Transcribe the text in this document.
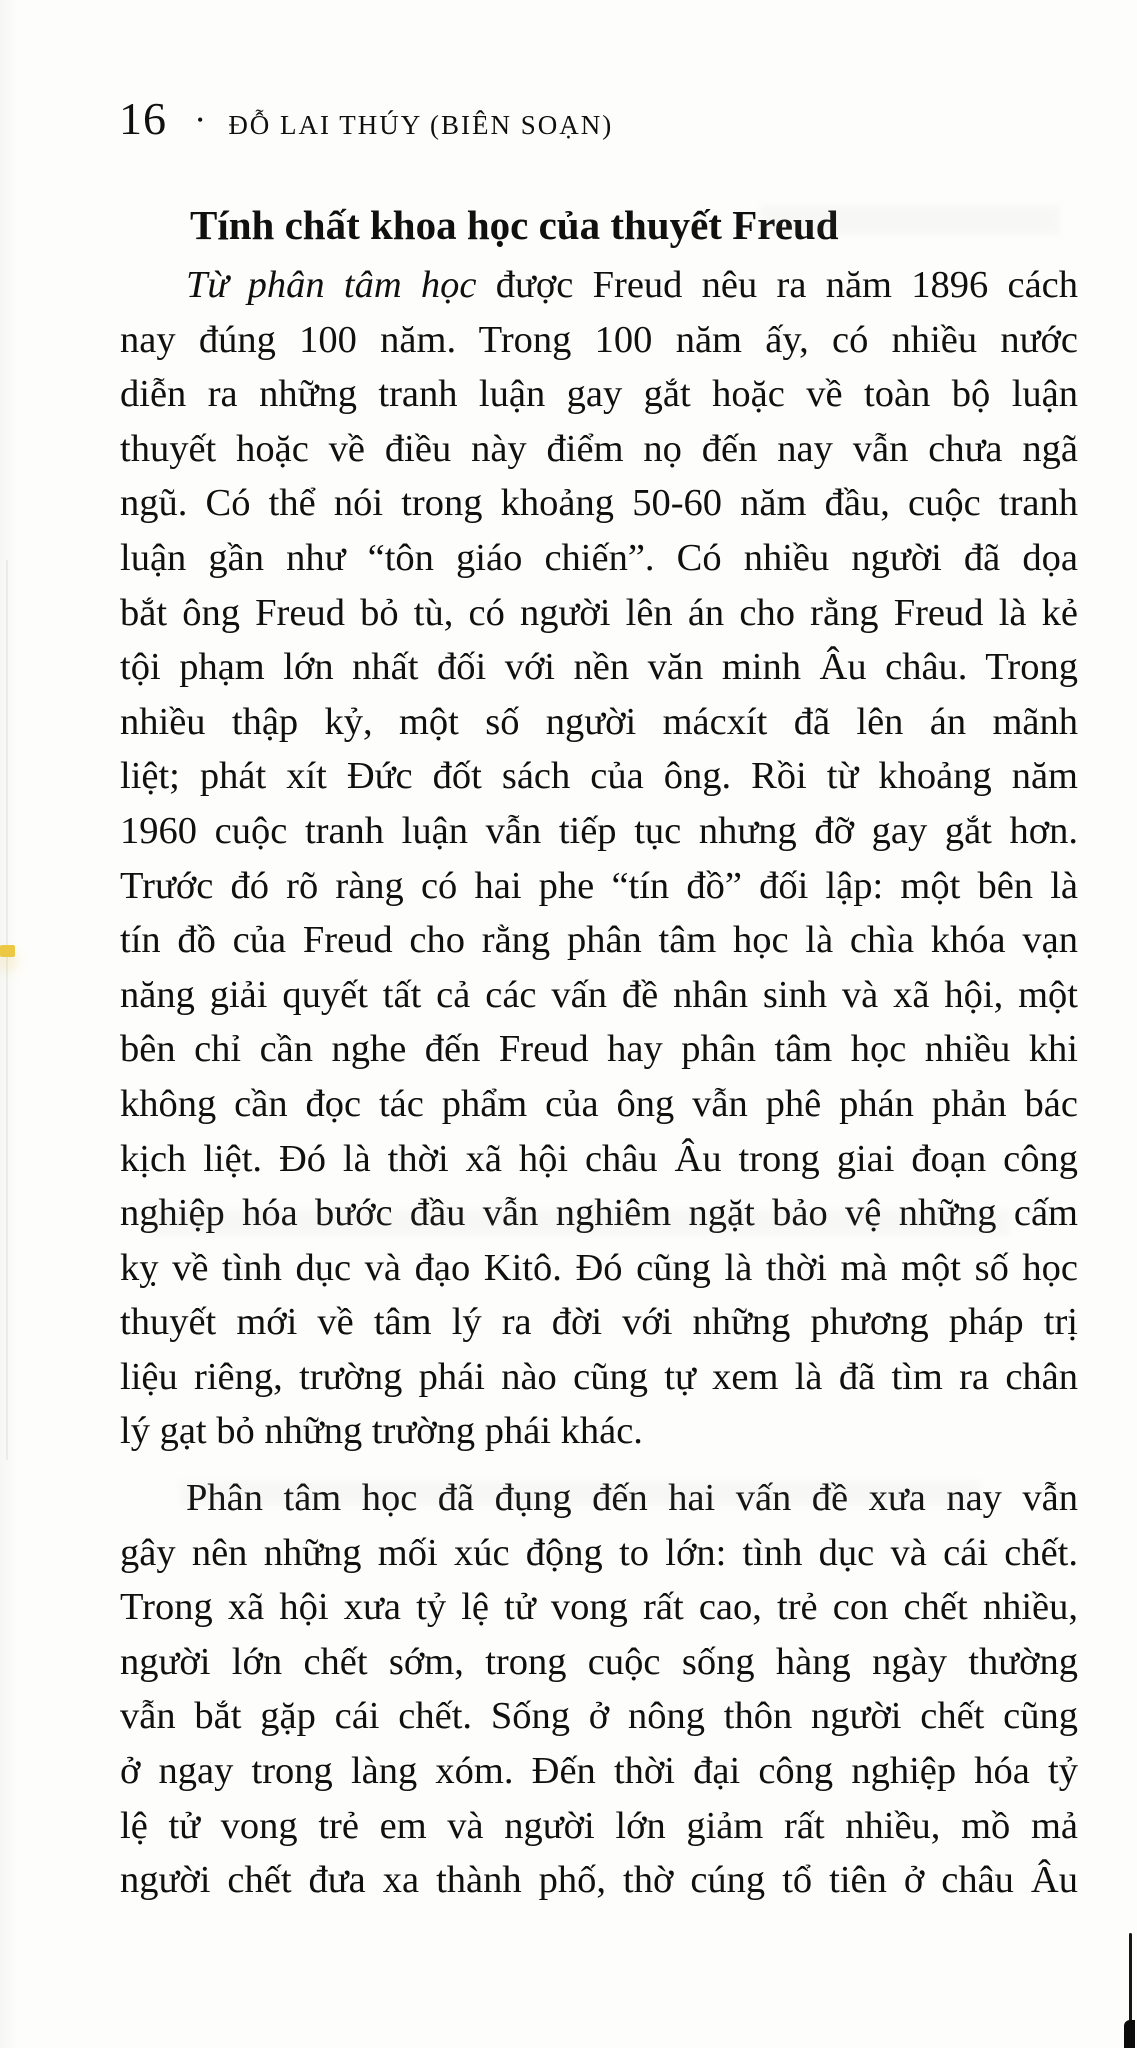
16 • ĐỖ LAI THÚY (BIÊN SOẠN)
Tính chất khoa học của thuyết Freud
Từ phân tâm học được Freud nêu ra năm 1896 cách
nay đúng 100 năm. Trong 100 năm ấy, có nhiều nước
diễn ra những tranh luận gay gắt hoặc về toàn bộ luận
thuyết hoặc về điều này điểm nọ đến nay vẫn chưa ngã
ngũ. Có thể nói trong khoảng 50-60 năm đầu, cuộc tranh
luận gần như “tôn giáo chiến”. Có nhiều người đã dọa
bắt ông Freud bỏ tù, có người lên án cho rằng Freud là kẻ
tội phạm lớn nhất đối với nền văn minh Âu châu. Trong
nhiều thập kỷ, một số người mácxít đã lên án mãnh
liệt; phát xít Đức đốt sách của ông. Rồi từ khoảng năm
1960 cuộc tranh luận vẫn tiếp tục nhưng đỡ gay gắt hơn.
Trước đó rõ ràng có hai phe “tín đồ” đối lập: một bên là
tín đồ của Freud cho rằng phân tâm học là chìa khóa vạn
năng giải quyết tất cả các vấn đề nhân sinh và xã hội, một
bên chỉ cần nghe đến Freud hay phân tâm học nhiều khi
không cần đọc tác phẩm của ông vẫn phê phán phản bác
kịch liệt. Đó là thời xã hội châu Âu trong giai đoạn công
nghiệp hóa bước đầu vẫn nghiêm ngặt bảo vệ những cấm
kỵ về tình dục và đạo Kitô. Đó cũng là thời mà một số học
thuyết mới về tâm lý ra đời với những phương pháp trị
liệu riêng, trường phái nào cũng tự xem là đã tìm ra chân
lý gạt bỏ những trường phái khác.
Phân tâm học đã đụng đến hai vấn đề xưa nay vẫn
gây nên những mối xúc động to lớn: tình dục và cái chết.
Trong xã hội xưa tỷ lệ tử vong rất cao, trẻ con chết nhiều,
người lớn chết sớm, trong cuộc sống hàng ngày thường
vẫn bắt gặp cái chết. Sống ở nông thôn người chết cũng
ở ngay trong làng xóm. Đến thời đại công nghiệp hóa tỷ
lệ tử vong trẻ em và người lớn giảm rất nhiều, mồ mả
người chết đưa xa thành phố, thờ cúng tổ tiên ở châu Âu
